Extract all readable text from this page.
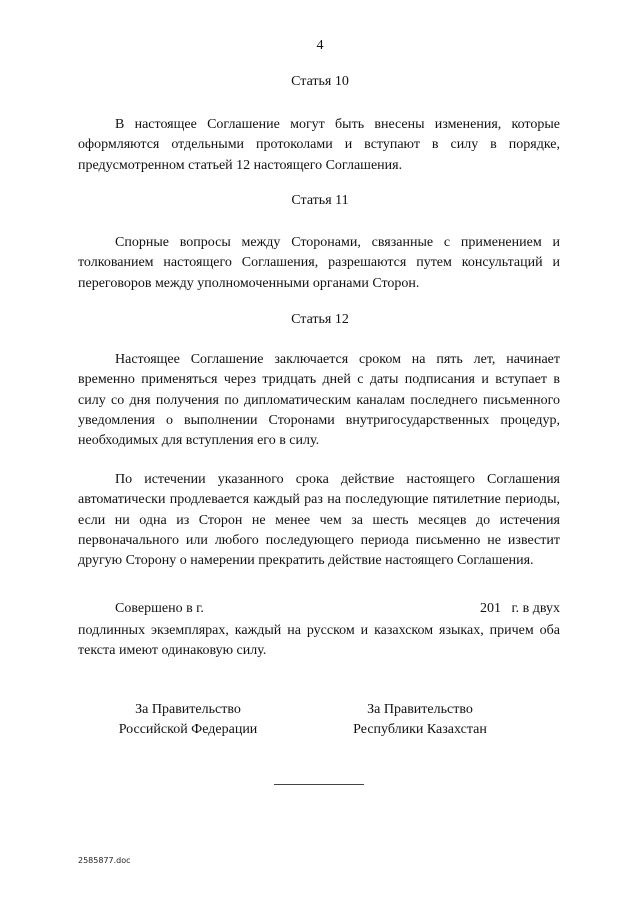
4
Статья 10

В настоящее Соглашение могут быть внесены изменения, которые оформляются отдельными протоколами и вступают в силу в порядке, предусмотренном статьей 12 настоящего Соглашения.

Статья 11

Спорные вопросы между Сторонами, связанные с применением и толкованием настоящего Соглашения, разрешаются путем консультаций и переговоров между уполномоченными органами Сторон.

Статья 12

Настоящее Соглашение заключается сроком на пять лет, начинает временно применяться через тридцать дней с даты подписания и вступает в силу со дня получения по дипломатическим каналам последнего письменного уведомления о выполнении Сторонами внутригосударственных процедур, необходимых для вступления его в силу.

По истечении указанного срока действие настоящего Соглашения автоматически продлевается каждый раз на последующие пятилетние периоды, если ни одна из Сторон не менее чем за шесть месяцев до истечения первоначального или любого последующего периода письменно не известит другую Сторону о намерении прекратить действие настоящего Соглашения.

Совершено в г.	201   г. в двух

подлинных экземплярах, каждый на русском и казахском языках, причем оба текста имеют одинаковую силу.

За Правительство
Российской Федерации
За Правительство
Республики Казахстан
2585877.doc
